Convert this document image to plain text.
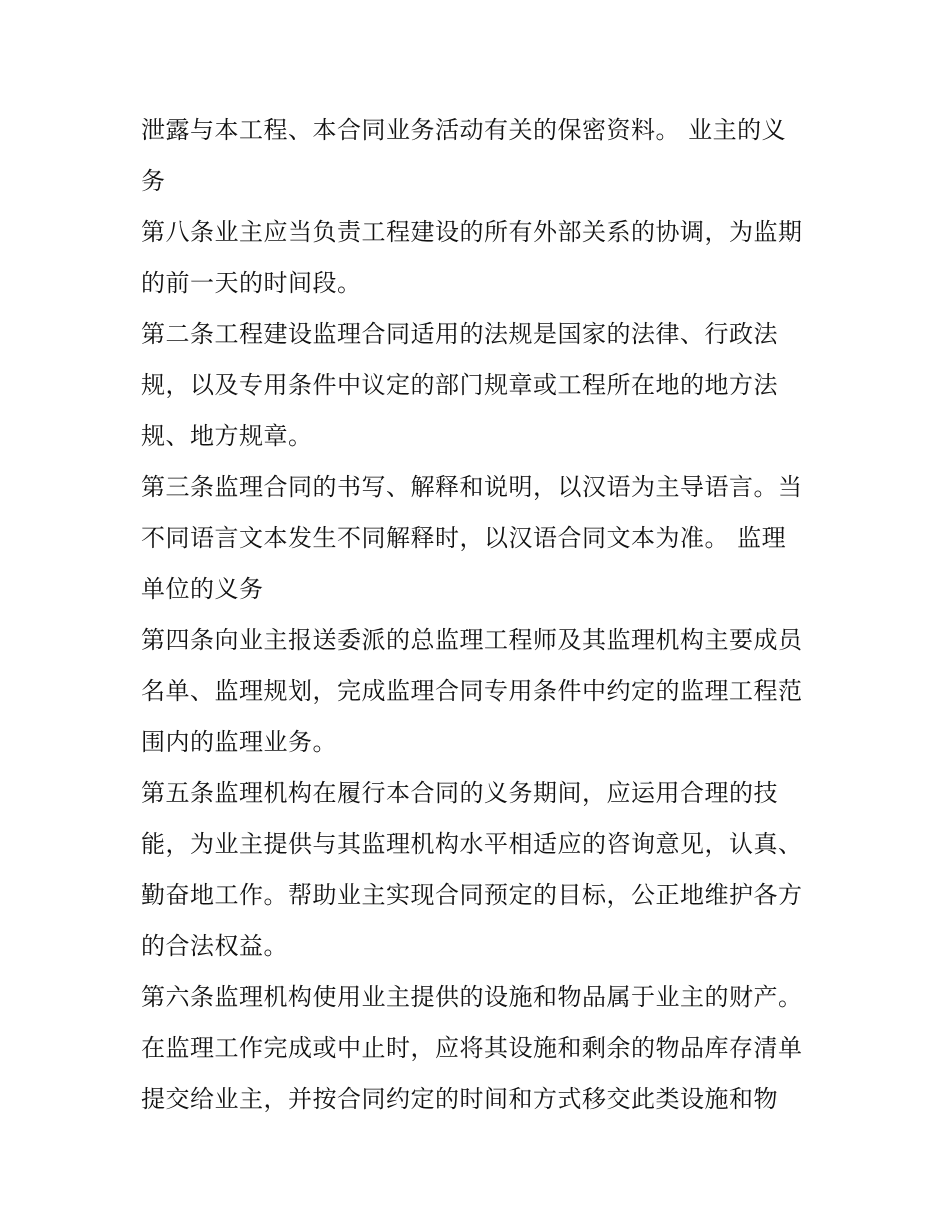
泄露与本工程、本合同业务活动有关的保密资料。 业主的义
务
第八条业主应当负责工程建设的所有外部关系的协调，为监期
的前一天的时间段。
第二条工程建设监理合同适用的法规是国家的法律、行政法
规，以及专用条件中议定的部门规章或工程所在地的地方法
规、地方规章。
第三条监理合同的书写、解释和说明，以汉语为主导语言。当
不同语言文本发生不同解释时，以汉语合同文本为准。 监理
单位的义务
第四条向业主报送委派的总监理工程师及其监理机构主要成员
名单、监理规划，完成监理合同专用条件中约定的监理工程范
围内的监理业务。
第五条监理机构在履行本合同的义务期间，应运用合理的技
能，为业主提供与其监理机构水平相适应的咨询意见，认真、
勤奋地工作。帮助业主实现合同预定的目标，公正地维护各方
的合法权益。
第六条监理机构使用业主提供的设施和物品属于业主的财产。
在监理工作完成或中止时，应将其设施和剩余的物品库存清单
提交给业主，并按合同约定的时间和方式移交此类设施和物
